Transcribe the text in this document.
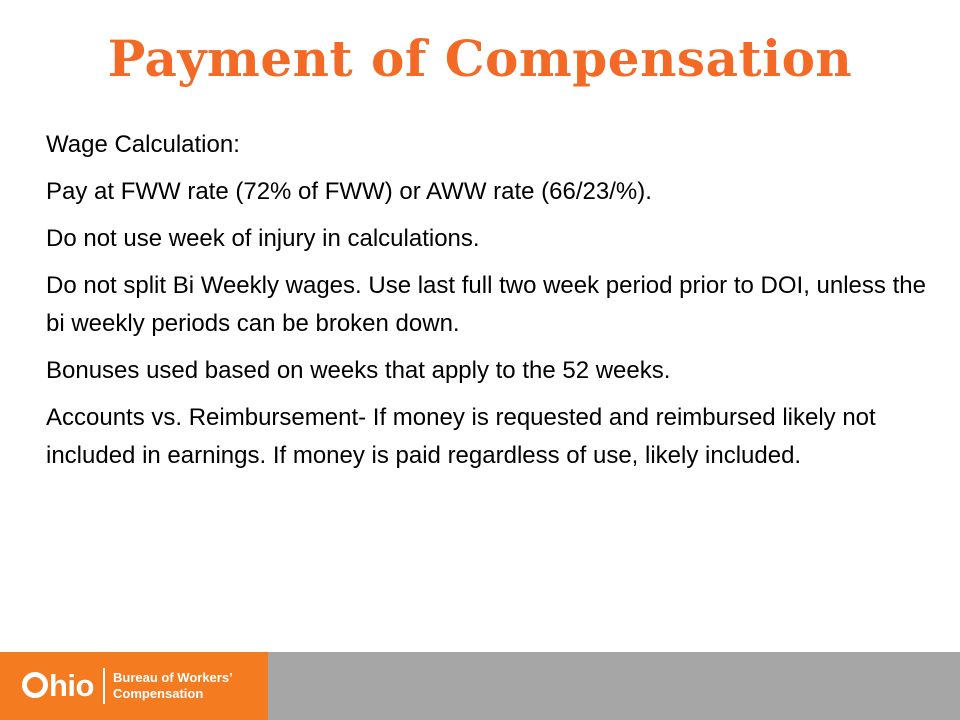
Payment of Compensation

Wage Calculation:

Pay at FWW rate (72% of FWW) or AWW rate (66/23/%).

Do not use week of injury in calculations.

Do not split Bi Weekly wages. Use last full two week period prior to DOI, unless the bi weekly periods can be broken down.

Bonuses used based on weeks that apply to the 52 weeks.

Accounts vs. Reimbursement- If money is requested and reimbursed likely not included in earnings. If money is paid regardless of use, likely included.

hio Bureau of Workers’
Compensation
